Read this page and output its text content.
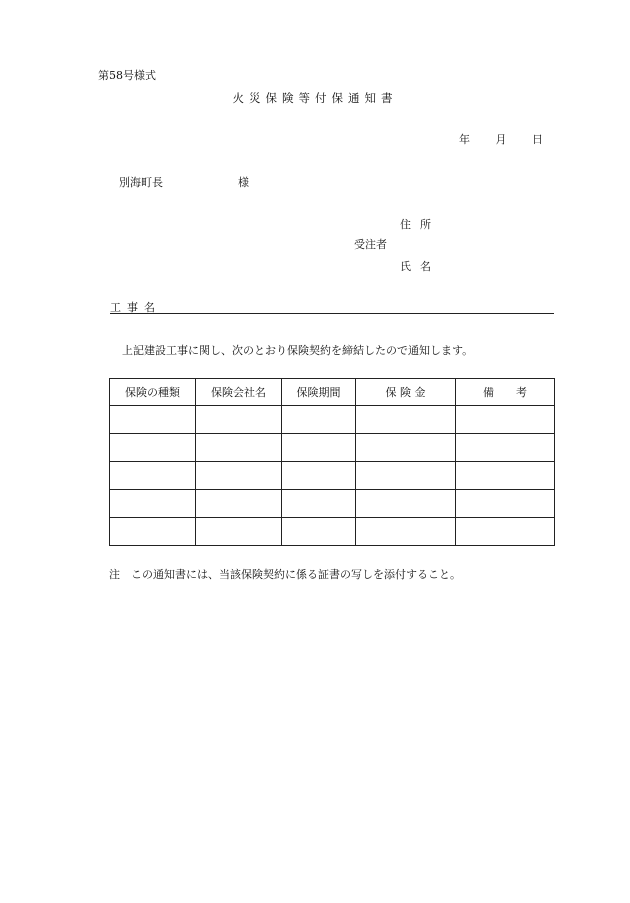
第58号様式
火災保険等付保通知書
年 月 日
別海町長	様
住所
受注者
氏名
工事名
上記建設工事に関し、次のとおり保険契約を締結したので通知します。
保険の種類	保険会社名	保険期間	保 険 金	備　　考

注　この通知書には、当該保険契約に係る証書の写しを添付すること。
